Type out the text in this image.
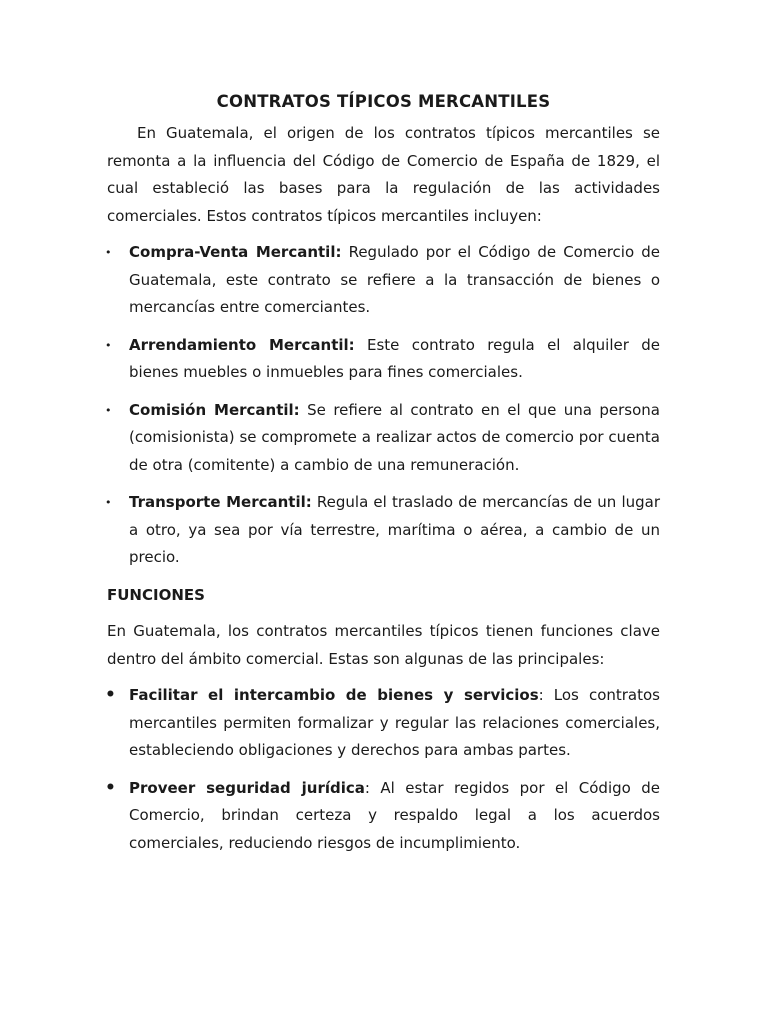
CONTRATOS TÍPICOS MERCANTILES

En Guatemala, el origen de los contratos típicos mercantiles se remonta a la influencia del Código de Comercio de España de 1829, el cual estableció las bases para la regulación de las actividades comerciales. Estos contratos típicos mercantiles incluyen:

• Compra-Venta Mercantil: Regulado por el Código de Comercio de Guatemala, este contrato se refiere a la transacción de bienes o mercancías entre comerciantes.
• Arrendamiento Mercantil: Este contrato regula el alquiler de bienes muebles o inmuebles para fines comerciales.
• Comisión Mercantil: Se refiere al contrato en el que una persona (comisionista) se compromete a realizar actos de comercio por cuenta de otra (comitente) a cambio de una remuneración.
• Transporte Mercantil: Regula el traslado de mercancías de un lugar a otro, ya sea por vía terrestre, marítima o aérea, a cambio de un precio.
FUNCIONES

En Guatemala, los contratos mercantiles típicos tienen funciones clave dentro del ámbito comercial. Estas son algunas de las principales:

• Facilitar el intercambio de bienes y servicios: Los contratos mercantiles permiten formalizar y regular las relaciones comerciales, estableciendo obligaciones y derechos para ambas partes.
• Proveer seguridad jurídica: Al estar regidos por el Código de Comercio, brindan certeza y respaldo legal a los acuerdos comerciales, reduciendo riesgos de incumplimiento.
